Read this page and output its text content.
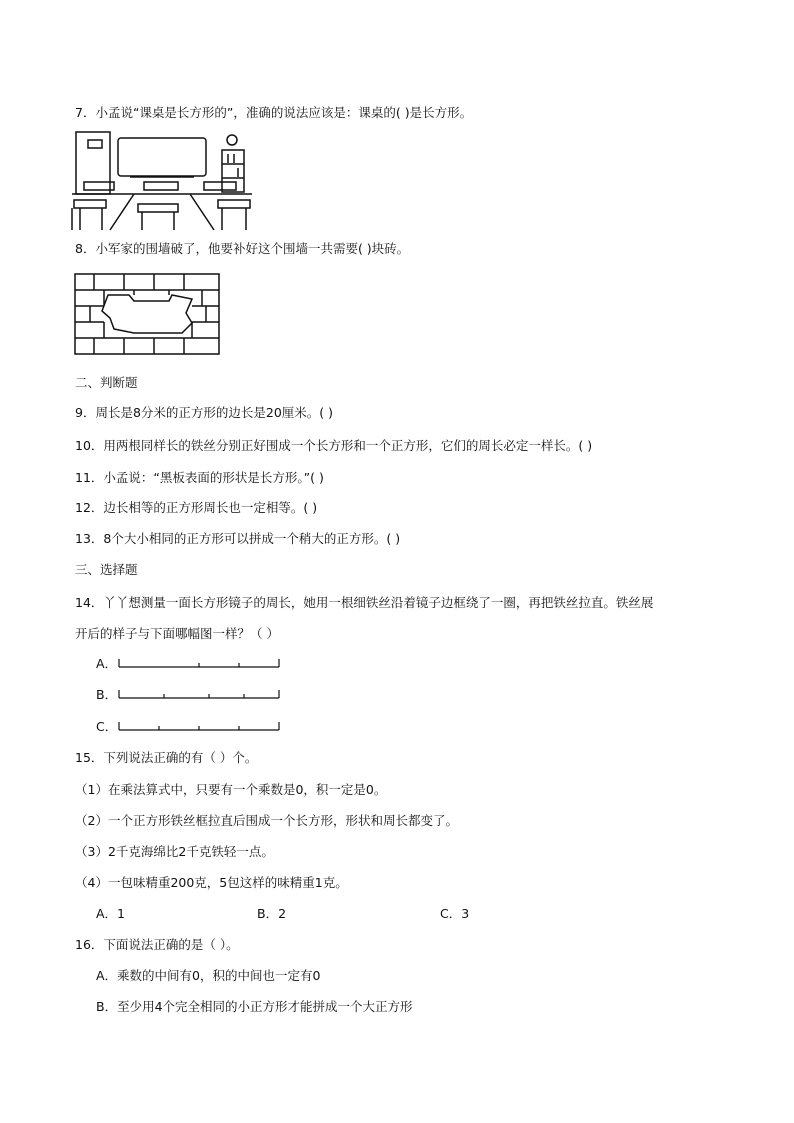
7．小孟说“课桌是长方形的”，准确的说法应该是：课桌的( )是长方形。
8．小军家的围墙破了，他要补好这个围墙一共需要( )块砖。
二、判断题
9．周长是8分米的正方形的边长是20厘米。( )
10．用两根同样长的铁丝分别正好围成一个长方形和一个正方形，它们的周长必定一样长。( )
11．小孟说：“黑板表面的形状是长方形。”( )
12．边长相等的正方形周长也一定相等。( )
13．8个大小相同的正方形可以拼成一个稍大的正方形。( )
三、选择题
14．丫丫想测量一面长方形镜子的周长，她用一根细铁丝沿着镜子边框绕了一圈，再把铁丝拉直。铁丝展
开后的样子与下面哪幅图一样？（ ）
A．
B．
C．
15．下列说法正确的有（ ）个。
（1）在乘法算式中，只要有一个乘数是0，积一定是0。
（2）一个正方形铁丝框拉直后围成一个长方形，形状和周长都变了。
（3）2千克海绵比2千克铁轻一点。
（4）一包味精重200克，5包这样的味精重1克。
A．1	B．2	C．3
16．下面说法正确的是（ ）。
A．乘数的中间有0，积的中间也一定有0
B．至少用4个完全相同的小正方形才能拼成一个大正方形
